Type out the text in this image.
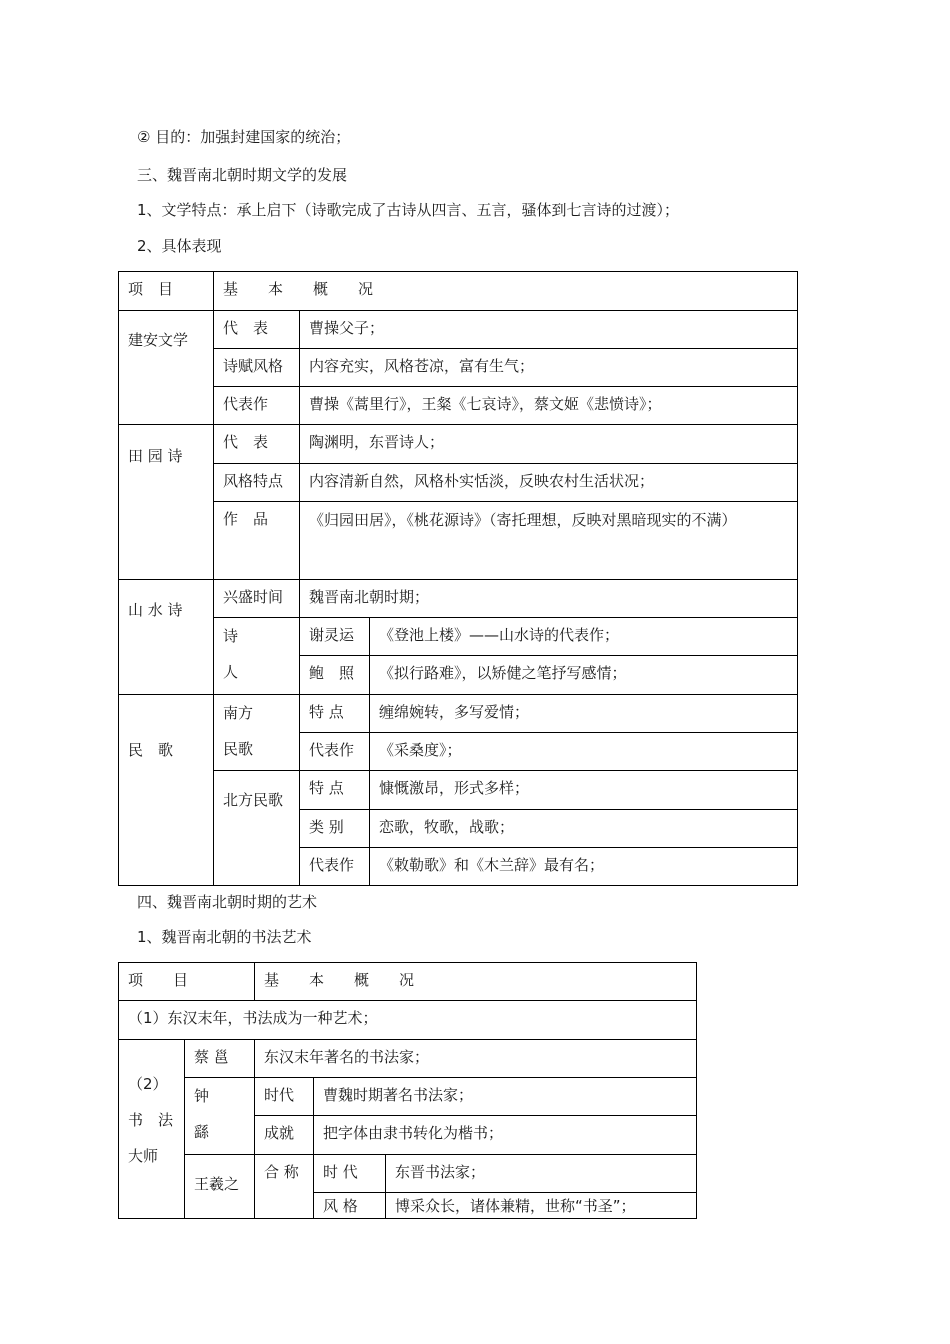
② 目的：加强封建国家的统治；
三、魏晋南北朝时期文学的发展
1、文学特点：承上启下（诗歌完成了古诗从四言、五言，骚体到七言诗的过渡）；
2、具体表现
项　目	基　　本　　概　　况		
建安文学	代　表	曹操父子；	
	诗赋风格	内容充实，风格苍凉，富有生气；	
	代表作	曹操《蒿里行》，王粲《七哀诗》，蔡文姬《悲愤诗》；	
田 园 诗	代　表	陶渊明，东晋诗人；	
	风格特点	内容清新自然，风格朴实恬淡，反映农村生活状况；	
	作　品	《归园田居》，《桃花源诗》（寄托理想，反映对黑暗现实的不满）	

山 水 诗	兴盛时间	魏晋南北朝时期；	

	诗
人	谢灵运	《登池上楼》——山水诗的代表作；
		鲍　照	《拟行路难》，以矫健之笔抒写感情；
民　歌	南方
民歌	特 点	缠绵婉转，多写爱情；
		代表作	《采桑度》；
	北方民歌	特 点	慷慨激昂，形式多样；
		类 别	恋歌，牧歌，战歌；
		代表作	《敕勒歌》和《木兰辞》最有名；
四、魏晋南北朝时期的艺术
1、魏晋南北朝的书法艺术
项　　目		基　　本　　概　　况		
（1）东汉末年，书法成为一种艺术；				

（2）
书　法
大师	蔡 邕	东汉末年著名的书法家；		

	钟
繇	时代	曹魏时期著名书法家；	
		成就	把字体由隶书转化为楷书；	
	王羲之	合 称	时 代	东晋书法家；
			风 格	博采众长，诸体兼精，世称“书圣”；
